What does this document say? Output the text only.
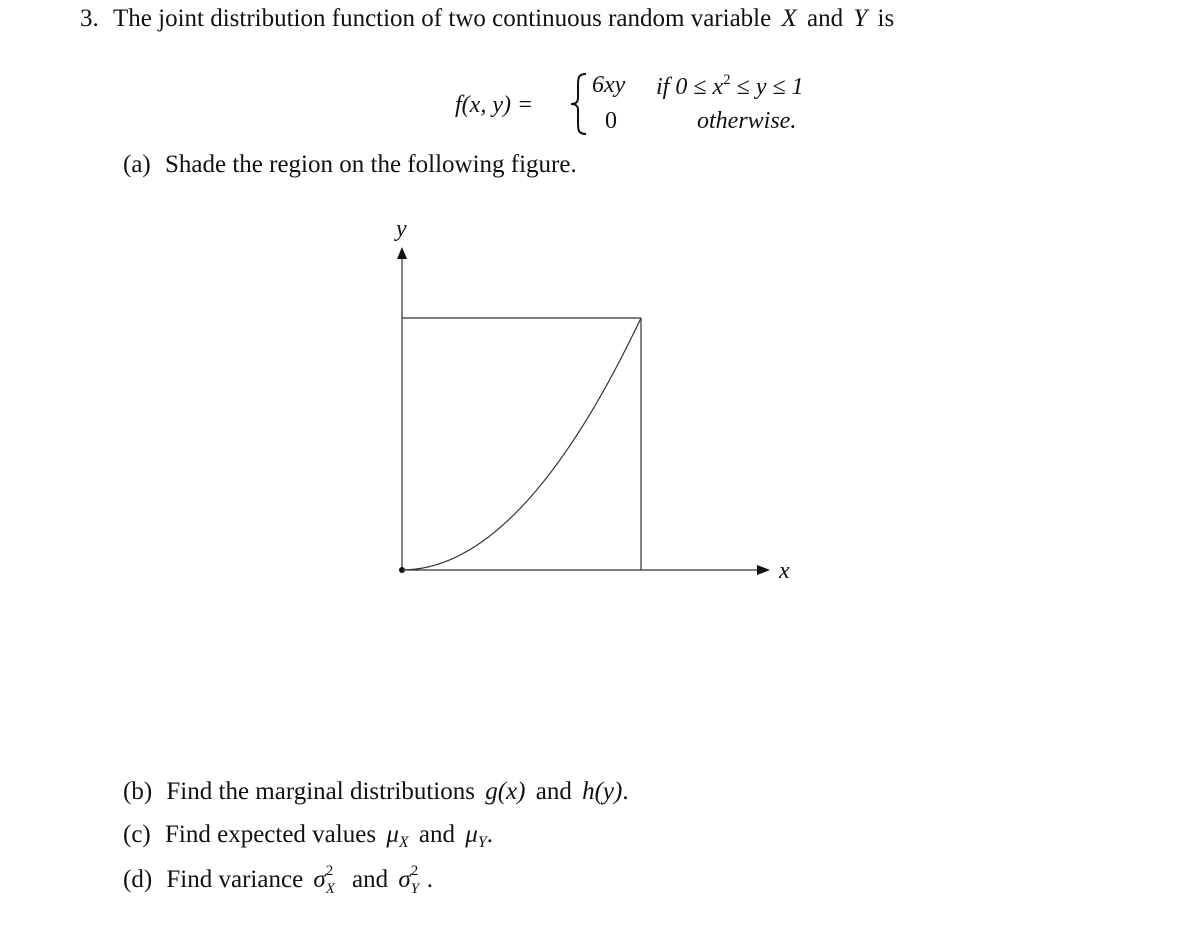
3. The joint distribution function of two continuous random variable X and Y is
f(x, y) =
6xy if $0 \le x^2 \le y \le 1$
0	otherwise.
(a) Shade the region on the following figure.
y
x
(b) Find the marginal distributions g(x) and h(y).
(c) Find expected values $\mu_X$ and $\mu_Y$.
(d) Find variance σ 2
X and σ 2
Y .
